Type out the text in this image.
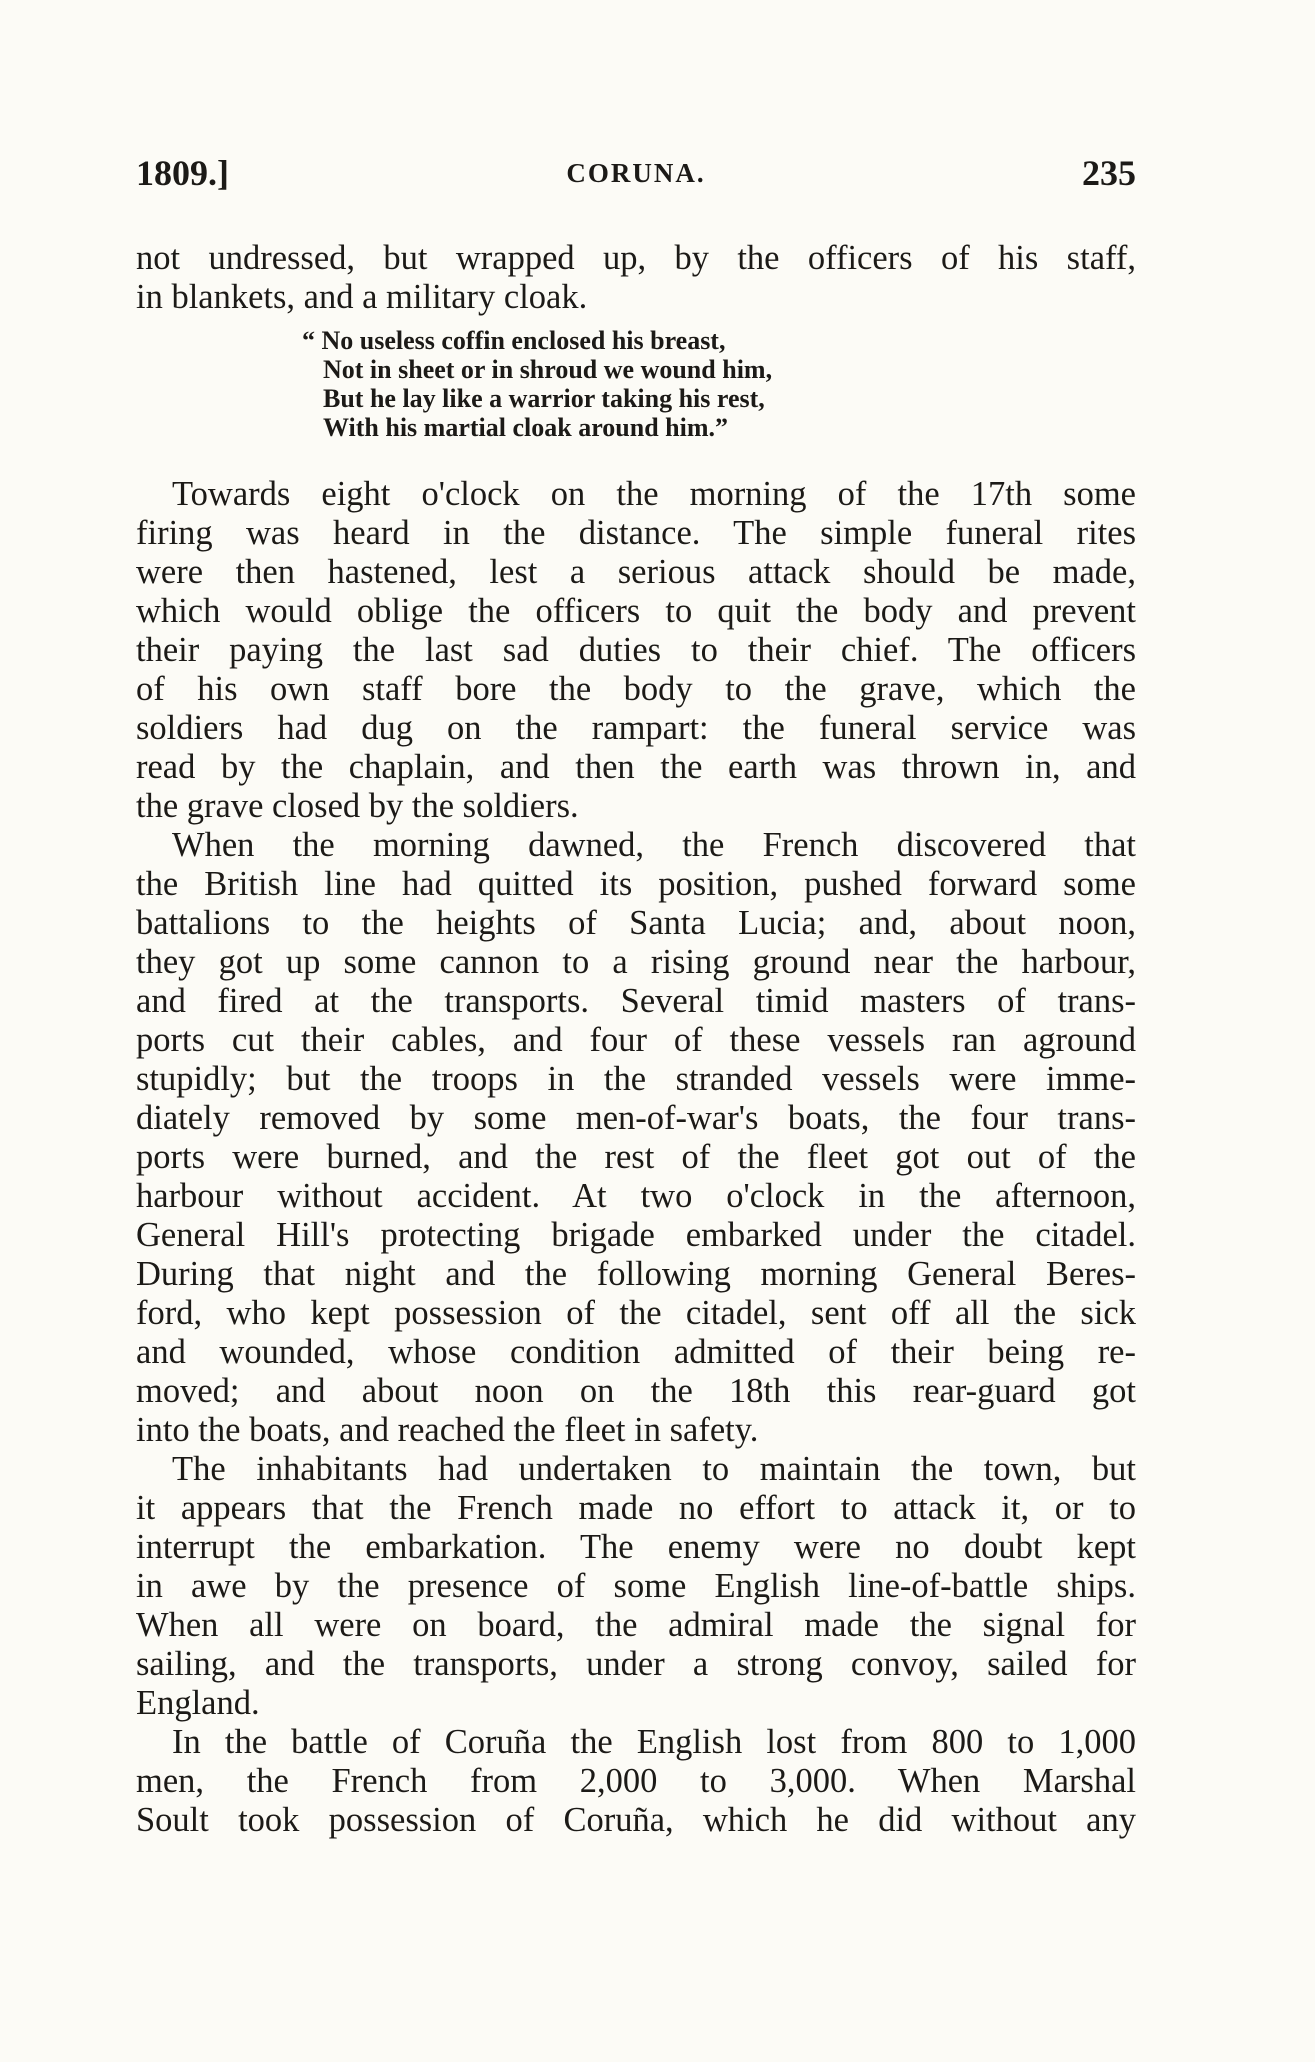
1809.]	CORUNA.	235
not undressed, but wrapped up, by the officers of his staff,
in blankets, and a military cloak.
“ No useless coffin enclosed his breast,
Not in sheet or in shroud we wound him,
But he lay like a warrior taking his rest,
With his martial cloak around him.”
Towards eight o'clock on the morning of the 17th some
firing was heard in the distance. The simple funeral rites
were then hastened, lest a serious attack should be made,
which would oblige the officers to quit the body and prevent
their paying the last sad duties to their chief. The officers
of his own staff bore the body to the grave, which the
soldiers had dug on the rampart: the funeral service was
read by the chaplain, and then the earth was thrown in, and
the grave closed by the soldiers.
When the morning dawned, the French discovered that
the British line had quitted its position, pushed forward some
battalions to the heights of Santa Lucia; and, about noon,
they got up some cannon to a rising ground near the harbour,
and fired at the transports. Several timid masters of trans-
ports cut their cables, and four of these vessels ran aground
stupidly; but the troops in the stranded vessels were imme-
diately removed by some men-of-war's boats, the four trans-
ports were burned, and the rest of the fleet got out of the
harbour without accident. At two o'clock in the afternoon,
General Hill's protecting brigade embarked under the citadel.
During that night and the following morning General Beres-
ford, who kept possession of the citadel, sent off all the sick
and wounded, whose condition admitted of their being re-
moved; and about noon on the 18th this rear-guard got
into the boats, and reached the fleet in safety.
The inhabitants had undertaken to maintain the town, but
it appears that the French made no effort to attack it, or to
interrupt the embarkation. The enemy were no doubt kept
in awe by the presence of some English line-of-battle ships.
When all were on board, the admiral made the signal for
sailing, and the transports, under a strong convoy, sailed for
England.
In the battle of Coruña the English lost from 800 to 1,000
men, the French from 2,000 to 3,000. When Marshal
Soult took possession of Coruña, which he did without any
